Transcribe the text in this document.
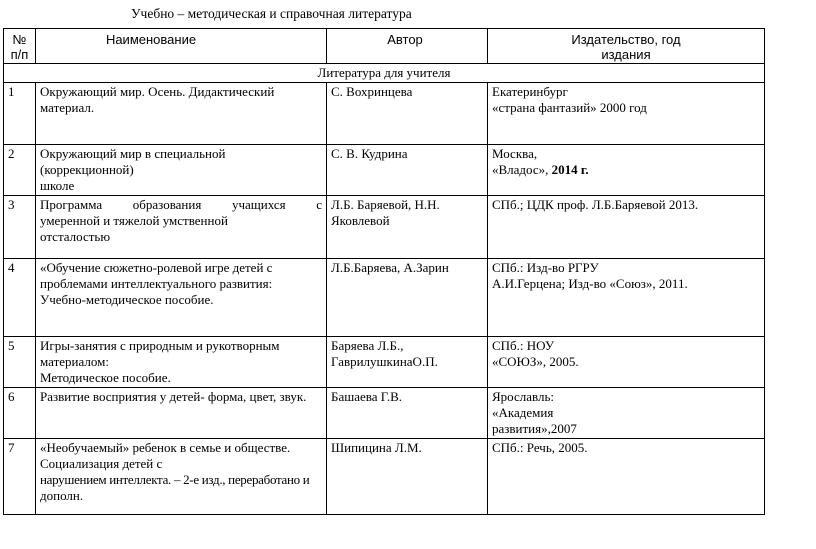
Учебно – методическая и справочная литература
№
п/п	Наименование	Автор	Издательство, год
издания

Литература для учителя			
1	Окружающий мир. Осень. Дидактический
материал.	С. Вохринцева	Екатеринбург
«страна фантазий» 2000 год

2	Окружающий мир в специальной
(коррекционной)
школе	С. В. Кудрина	Москва,
«Владос», 2014 г.

3	Программа образования учащихся с
умеренной и тяжелой умственной
отсталостью	Л.Б. Баряевой, Н.Н.
Яковлевой	СПб.; ЦДК проф. Л.Б.Баряевой 2013.

4	«Обучение сюжетно-ролевой игре детей с
проблемами интеллектуального развития:
Учебно-методическое пособие.	Л.Б.Баряева, А.Зарин	СПб.: Изд-во РГРУ
А.И.Герцена; Изд-во «Союз», 2011.

5	Игры-занятия с природным и рукотворным
материалом:
Методическое пособие.	Баряева Л.Б.,
ГаврилушкинаО.П.	СПб.: НОУ
«СОЮЗ», 2005.

6	Развитие восприятия у детей- форма, цвет, звук.	Башаева Г.В.	Ярославль:
«Академия
развития»,2007

7	«Необучаемый» ребенок в семье и обществе.
Социализация детей с
нарушением интеллекта. – 2-е изд., переработано и
дополн.	Шипицина Л.М.	СПб.: Речь, 2005.
